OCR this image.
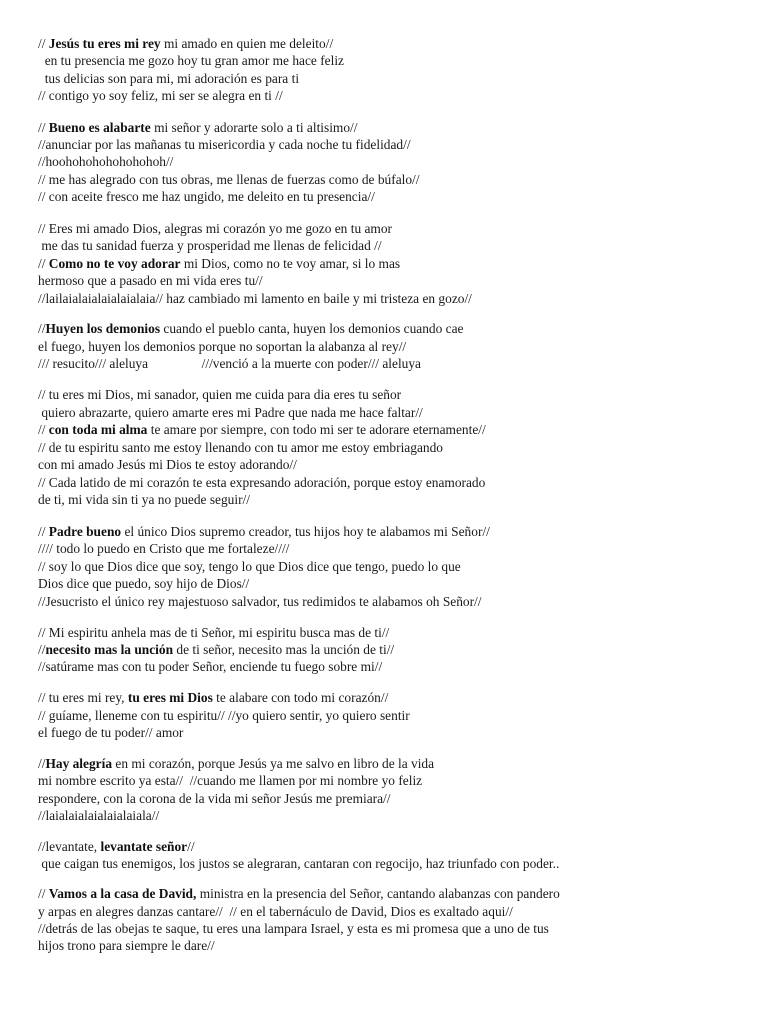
// Jesús tu eres mi rey mi amado en quien me deleito//
en tu presencia me gozo hoy tu gran amor me hace feliz
tus delicias son para mi, mi adoración es para ti
// contigo yo soy feliz, mi ser se alegra en ti //
// Bueno es alabarte mi señor y adorarte solo a ti altisimo//
//anunciar por las mañanas tu misericordia y cada noche tu fidelidad//
//hoohohohohohohohoh//
// me has alegrado con tus obras, me llenas de fuerzas como de búfalo//
// con aceite fresco me haz ungido, me deleito en tu presencia//
// Eres mi amado Dios, alegras mi corazón yo me gozo en tu amor
me das tu sanidad fuerza y prosperidad me llenas de felicidad //
// Como no te voy adorar mi Dios, como no te voy amar, si lo mas
hermoso que a pasado en mi vida eres tu//
//lailaialaialaialaialaia// haz cambiado mi lamento en baile y mi tristeza en gozo//
//Huyen los demonios cuando el pueblo canta, huyen los demonios cuando cae
el fuego, huyen los demonios porque no soportan la alabanza al rey//
/// resucito/// aleluya                ///venció a la muerte con poder/// aleluya
// tu eres mi Dios, mi sanador, quien me cuida para dia eres tu señor
quiero abrazarte, quiero amarte eres mi Padre que nada me hace faltar//
// con toda mi alma te amare por siempre, con todo mi ser te adorare eternamente//
// de tu espiritu santo me estoy llenando con tu amor me estoy embriagando
con mi amado Jesús mi Dios te estoy adorando//
// Cada latido de mi corazón te esta expresando adoración, porque estoy enamorado
de ti, mi vida sin ti ya no puede seguir//
// Padre bueno el único Dios supremo creador, tus hijos hoy te alabamos mi Señor//
//// todo lo puedo en Cristo que me fortaleze////
// soy lo que Dios dice que soy, tengo lo que Dios dice que tengo, puedo lo que
Dios dice que puedo, soy hijo de Dios//
//Jesucristo el único rey majestuoso salvador, tus redimidos te alabamos oh Señor//
// Mi espiritu anhela mas de ti Señor, mi espiritu busca mas de ti//
//necesito mas la unción de ti señor, necesito mas la unción de ti//
//satúrame mas con tu poder Señor, enciende tu fuego sobre mi//
// tu eres mi rey, tu eres mi Dios te alabare con todo mi corazón//
// guíame, lleneme con tu espiritu// //yo quiero sentir, yo quiero sentir
el fuego de tu poder// amor
//Hay alegría en mi corazón, porque Jesús ya me salvo en libro de la vida
mi nombre escrito ya esta//  //cuando me llamen por mi nombre yo feliz
respondere, con la corona de la vida mi señor Jesús me premiara//
//laialaialaialaialaiala//
//levantate, levantate señor//
que caigan tus enemigos, los justos se alegraran, cantaran con regocijo, haz triunfado con poder..
// Vamos a la casa de David, ministra en la presencia del Señor, cantando alabanzas con pandero
y arpas en alegres danzas cantare//  // en el tabernáculo de David, Dios es exaltado aqui//
//detrás de las obejas te saque, tu eres una lampara Israel, y esta es mi promesa que a uno de tus
hijos trono para siempre le dare//
